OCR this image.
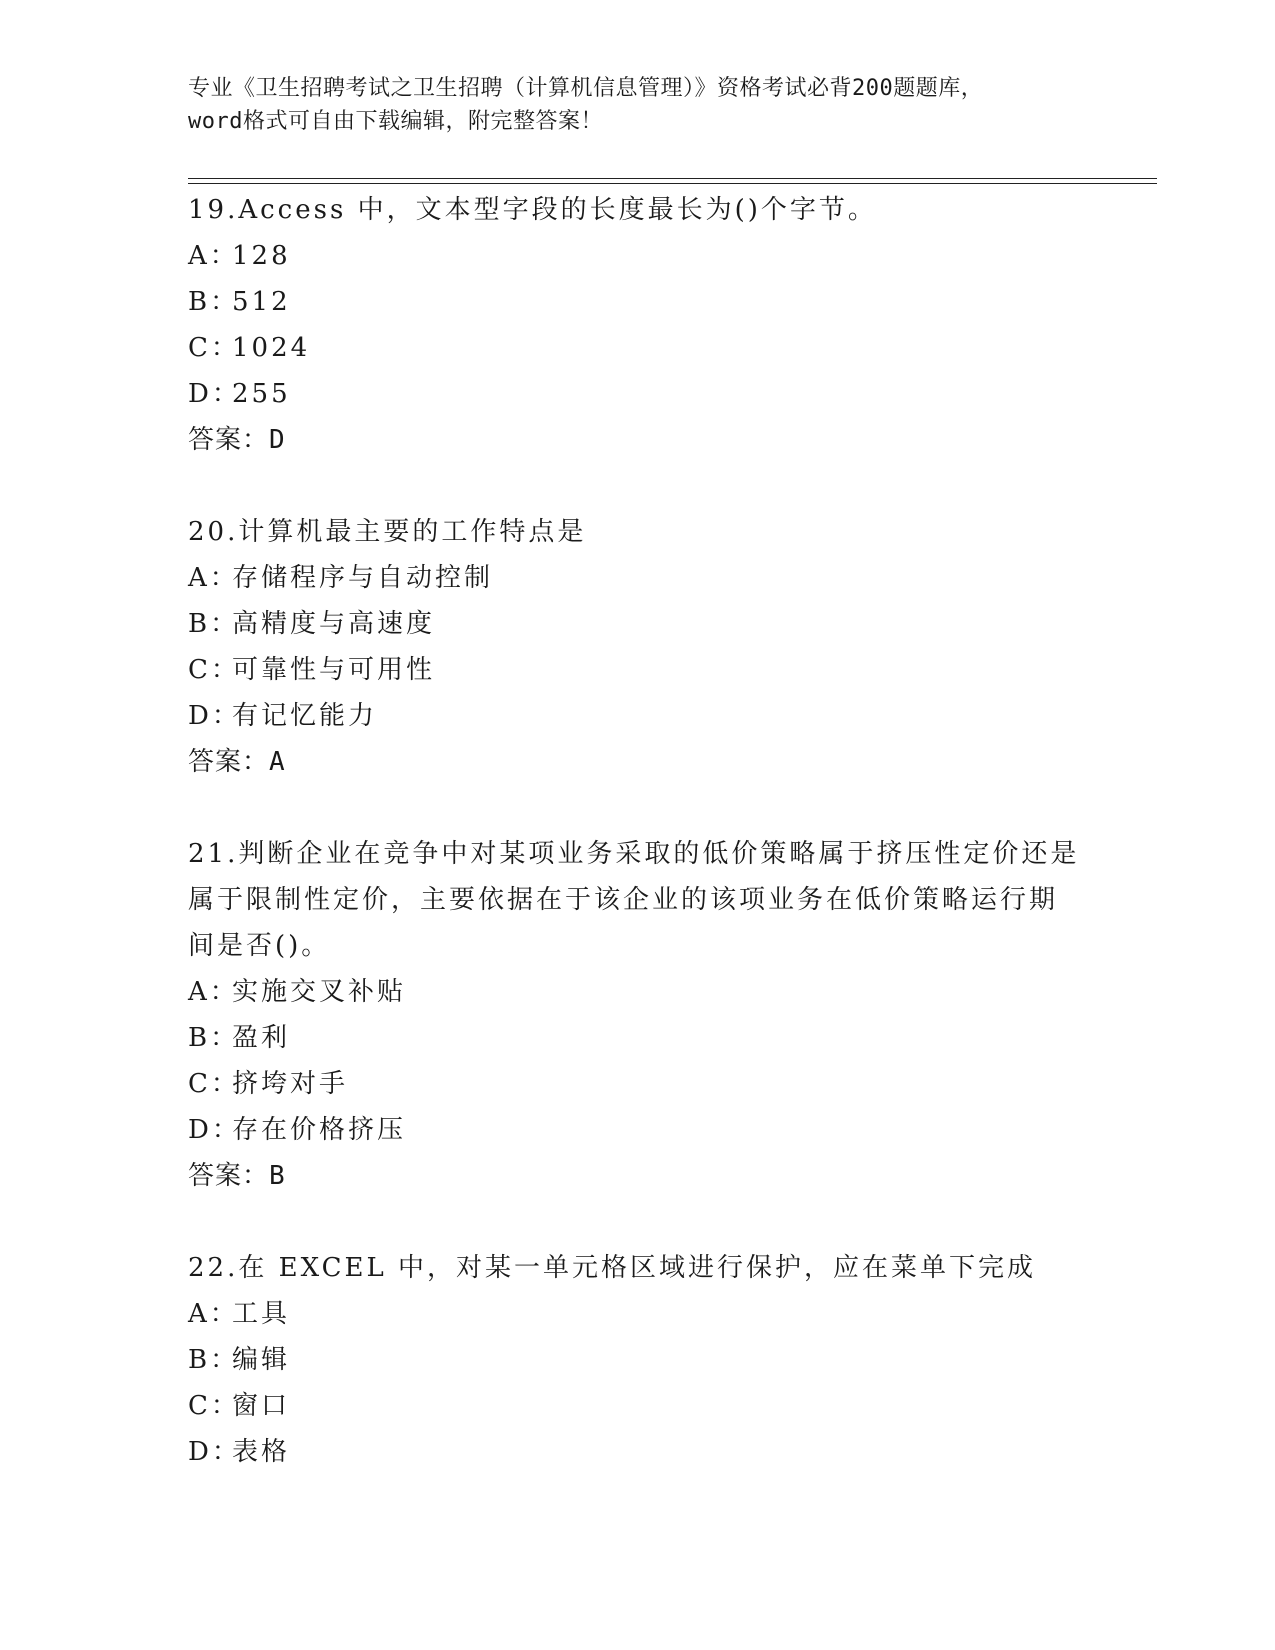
专业《卫生招聘考试之卫生招聘（计算机信息管理）》资格考试必背200题题库，
word格式可自由下载编辑，附完整答案！
19.Access 中，文本型字段的长度最长为()个字节。
A：128
B：512
C：1024
D：255
答案：D
20.计算机最主要的工作特点是
A：存储程序与自动控制
B：高精度与高速度
C：可靠性与可用性
D：有记忆能力
答案：A
21.判断企业在竞争中对某项业务采取的低价策略属于挤压性定价还是
属于限制性定价，主要依据在于该企业的该项业务在低价策略运行期
间是否()。
A：实施交叉补贴
B：盈利
C：挤垮对手
D：存在价格挤压
答案：B
22.在 EXCEL 中，对某一单元格区域进行保护，应在菜单下完成
A：工具
B：编辑
C：窗口
D：表格
